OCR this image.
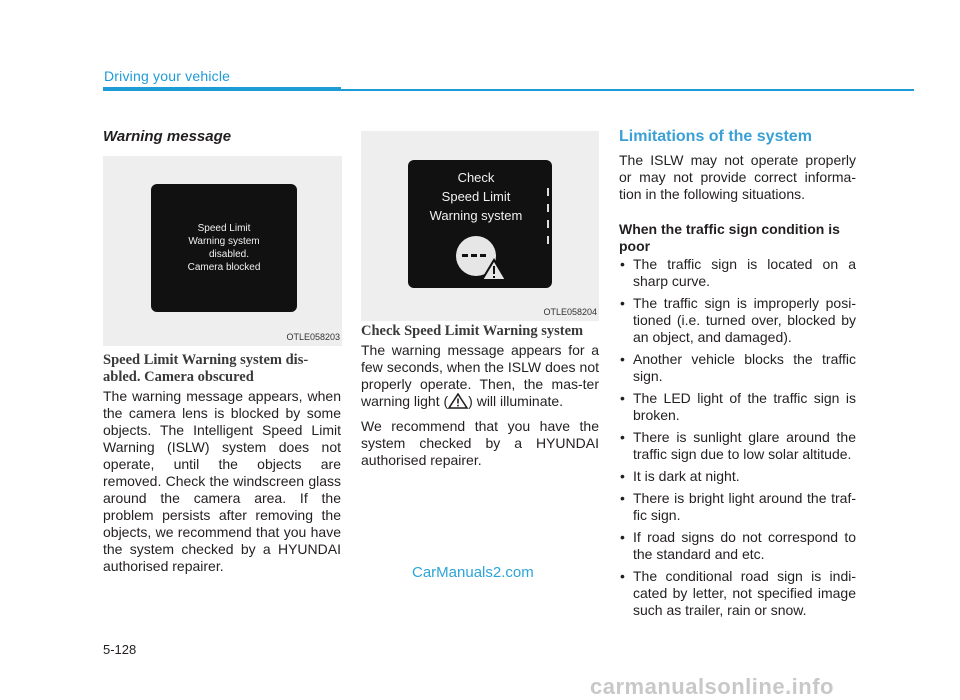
Driving your vehicle
Warning message
Speed Limit
Warning system
disabled.
Camera blocked
OTLE058203
Speed Limit Warning system dis-abled. Camera obscured
The warning message appears, when the camera lens is blocked by some objects. The Intelligent Speed Limit Warning (ISLW) system does not operate, until the objects are removed. Check the windscreen glass around the camera area. If the problem persists after removing the objects, we recommend that you have the system checked by a HYUNDAI authorised repairer.
Check
Speed Limit
Warning system
OTLE058204
Check Speed Limit Warning system

The warning message appears for a few seconds, when the ISLW does not properly operate. Then, the mas-ter warning light ( ) will illuminate.

We recommend that you have the system checked by a HYUNDAI authorised repairer.

Limitations of the system
The ISLW may not operate properly or may not provide correct informa-tion in the following situations.
When the traffic sign condition is poor
• The traffic sign is located on a sharp curve.
• The traffic sign is improperly posi-tioned (i.e. turned over, blocked by an object, and damaged).
• Another vehicle blocks the traffic sign.
• The LED light of the traffic sign is broken.
• There is sunlight glare around the traffic sign due to low solar altitude.
• It is dark at night.
• There is bright light around the traf-fic sign.
• If road signs do not correspond to the standard and etc.
• The conditional road sign is indi-cated by letter, not specified image such as trailer, rain or snow.
CarManuals2.com
5-128
carmanualsonline.info
